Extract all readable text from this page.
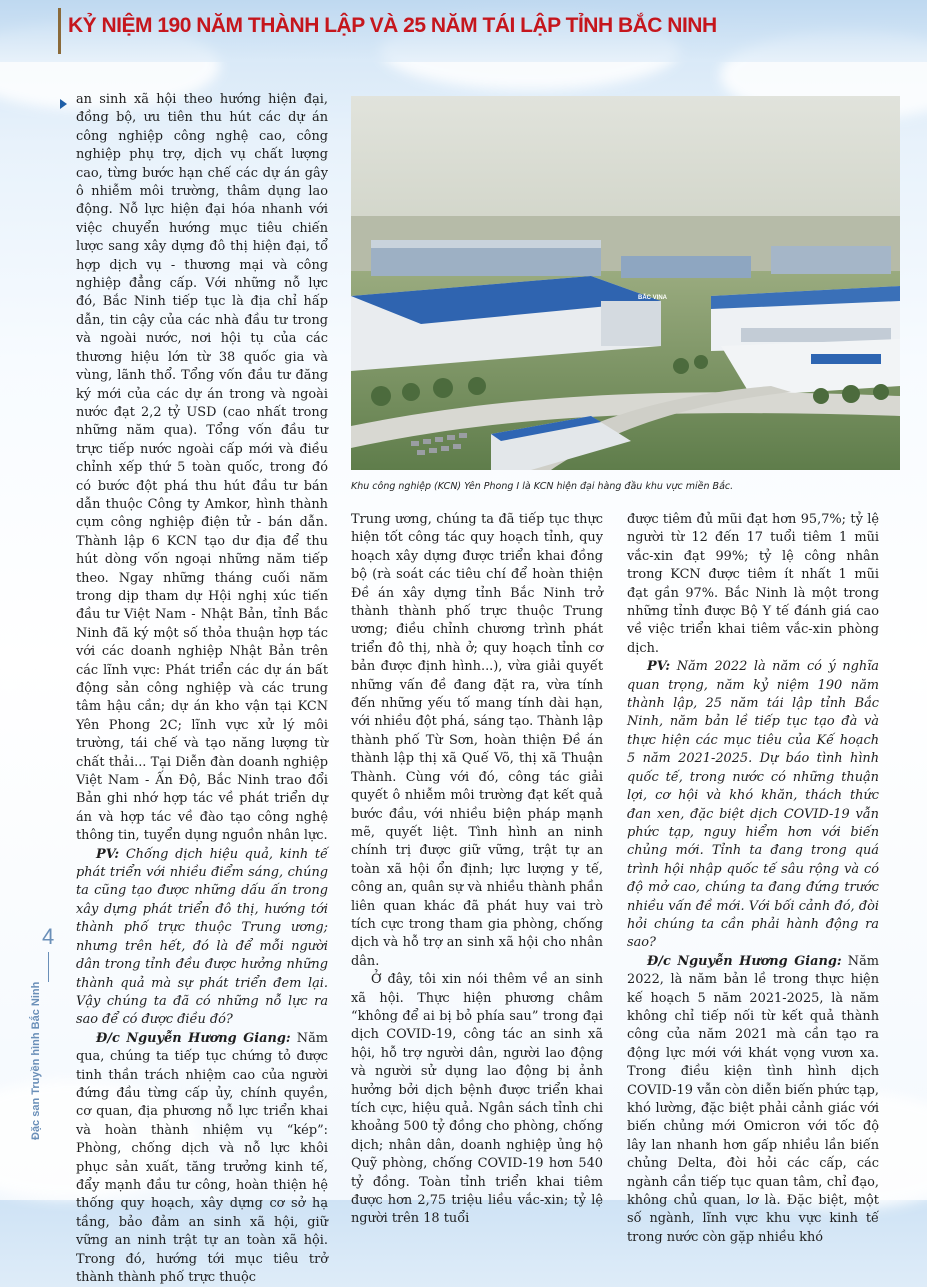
KỶ NIỆM 190 NĂM THÀNH LẬP VÀ 25 NĂM TÁI LẬP TỈNH BẮC NINH
BẮC VINA
Khu công nghiệp (KCN) Yên Phong I là KCN hiện đại hàng đầu khu vực miền Bắc.

an sinh xã hội theo hướng hiện đại, đồng bộ, ưu tiên thu hút các dự án công nghiệp công nghệ cao, công nghiệp phụ trợ, dịch vụ chất lượng cao, từng bước hạn chế các dự án gây ô nhiễm môi trường, thâm dụng lao động. Nỗ lực hiện đại hóa nhanh với việc chuyển hướng mục tiêu chiến lược sang xây dựng đô thị hiện đại, tổ hợp dịch vụ - thương mại và công nghiệp đẳng cấp. Với những nỗ lực đó, Bắc Ninh tiếp tục là địa chỉ hấp dẫn, tin cậy của các nhà đầu tư trong và ngoài nước, nơi hội tụ của các thương hiệu lớn từ 38 quốc gia và vùng, lãnh thổ. Tổng vốn đầu tư đăng ký mới của các dự án trong và ngoài nước đạt 2,2 tỷ USD (cao nhất trong những năm qua). Tổng vốn đầu tư trực tiếp nước ngoài cấp mới và điều chỉnh xếp thứ 5 toàn quốc, trong đó có bước đột phá thu hút đầu tư bán dẫn thuộc Công ty Amkor, hình thành cụm công nghiệp điện tử - bán dẫn. Thành lập 6 KCN tạo dư địa để thu hút dòng vốn ngoại những năm tiếp theo. Ngay những tháng cuối năm trong dịp tham dự Hội nghị xúc tiến đầu tư Việt Nam - Nhật Bản, tỉnh Bắc Ninh đã ký một số thỏa thuận hợp tác với các doanh nghiệp Nhật Bản trên các lĩnh vực: Phát triển các dự án bất động sản công nghiệp và các trung tâm hậu cần; dự án kho vận tại KCN Yên Phong 2C; lĩnh vực xử lý môi trường, tái chế và tạo năng lượng từ chất thải... Tại Diễn đàn doanh nghiệp Việt Nam - Ấn Độ, Bắc Ninh trao đổi Bản ghi nhớ hợp tác về phát triển dự án và hợp tác về đào tạo công nghệ thông tin, tuyển dụng nguồn nhân lực.

PV: Chống dịch hiệu quả, kinh tế phát triển với nhiều điểm sáng, chúng ta cũng tạo được những dấu ấn trong xây dựng phát triển đô thị, hướng tới thành phố trực thuộc Trung ương; nhưng trên hết, đó là để mỗi người dân trong tỉnh đều được hưởng những thành quả mà sự phát triển đem lại. Vậy chúng ta đã có những nỗ lực ra sao để có được điều đó?

Đ/c Nguyễn Hương Giang: Năm qua, chúng ta tiếp tục chứng tỏ được tinh thần trách nhiệm cao của người đứng đầu từng cấp ủy, chính quyền, cơ quan, địa phương nỗ lực triển khai và hoàn thành nhiệm vụ “kép”: Phòng, chống dịch và nỗ lực khôi phục sản xuất, tăng trưởng kinh tế, đẩy mạnh đầu tư công, hoàn thiện hệ thống quy hoạch, xây dựng cơ sở hạ tầng, bảo đảm an sinh xã hội, giữ vững an ninh trật tự an toàn xã hội. Trong đó, hướng tới mục tiêu trở thành thành phố trực thuộc

Trung ương, chúng ta đã tiếp tục thực hiện tốt công tác quy hoạch tỉnh, quy hoạch xây dựng được triển khai đồng bộ (rà soát các tiêu chí để hoàn thiện Đề án xây dựng tỉnh Bắc Ninh trở thành thành phố trực thuộc Trung ương; điều chỉnh chương trình phát triển đô thị, nhà ở; quy hoạch tỉnh cơ bản được định hình...), vừa giải quyết những vấn đề đang đặt ra, vừa tính đến những yếu tố mang tính dài hạn, với nhiều đột phá, sáng tạo. Thành lập thành phố Từ Sơn, hoàn thiện Đề án thành lập thị xã Quế Võ, thị xã Thuận Thành. Cùng với đó, công tác giải quyết ô nhiễm môi trường đạt kết quả bước đầu, với nhiều biện pháp mạnh mẽ, quyết liệt. Tình hình an ninh chính trị được giữ vững, trật tự an toàn xã hội ổn định; lực lượng y tế, công an, quân sự và nhiều thành phần liên quan khác đã phát huy vai trò tích cực trong tham gia phòng, chống dịch và hỗ trợ an sinh xã hội cho nhân dân.

Ở đây, tôi xin nói thêm về an sinh xã hội. Thực hiện phương châm “không để ai bị bỏ phía sau” trong đại dịch COVID-19, công tác an sinh xã hội, hỗ trợ người dân, người lao động và người sử dụng lao động bị ảnh hưởng bởi dịch bệnh được triển khai tích cực, hiệu quả. Ngân sách tỉnh chi khoảng 500 tỷ đồng cho phòng, chống dịch; nhân dân, doanh nghiệp ủng hộ Quỹ phòng, chống COVID-19 hơn 540 tỷ đồng. Toàn tỉnh triển khai tiêm được hơn 2,75 triệu liều vắc-xin; tỷ lệ người trên 18 tuổi

được tiêm đủ mũi đạt hơn 95,7%; tỷ lệ người từ 12 đến 17 tuổi tiêm 1 mũi vắc-xin đạt 99%; tỷ lệ công nhân trong KCN được tiêm ít nhất 1 mũi đạt gần 97%. Bắc Ninh là một trong những tỉnh được Bộ Y tế đánh giá cao về việc triển khai tiêm vắc-xin phòng dịch.

PV: Năm 2022 là năm có ý nghĩa quan trọng, năm kỷ niệm 190 năm thành lập, 25 năm tái lập tỉnh Bắc Ninh, năm bản lề tiếp tục tạo đà và thực hiện các mục tiêu của Kế hoạch 5 năm 2021-2025. Dự báo tình hình quốc tế, trong nước có những thuận lợi, cơ hội và khó khăn, thách thức đan xen, đặc biệt dịch COVID-19 vẫn phức tạp, nguy hiểm hơn với biến chủng mới. Tỉnh ta đang trong quá trình hội nhập quốc tế sâu rộng và có độ mở cao, chúng ta đang đứng trước nhiều vấn đề mới. Với bối cảnh đó, đòi hỏi chúng ta cần phải hành động ra sao?

Đ/c Nguyễn Hương Giang: Năm 2022, là năm bản lề trong thực hiện kế hoạch 5 năm 2021-2025, là năm không chỉ tiếp nối từ kết quả thành công của năm 2021 mà cần tạo ra động lực mới với khát vọng vươn xa. Trong điều kiện tình hình dịch COVID-19 vẫn còn diễn biến phức tạp, khó lường, đặc biệt phải cảnh giác với biến chủng mới Omicron với tốc độ lây lan nhanh hơn gấp nhiều lần biến chủng Delta, đòi hỏi các cấp, các ngành cần tiếp tục quan tâm, chỉ đạo, không chủ quan, lơ là. Đặc biệt, một số ngành, lĩnh vực khu vực kinh tế trong nước còn gặp nhiều khó

4
Đặc san Truyền hình Bắc Ninh
